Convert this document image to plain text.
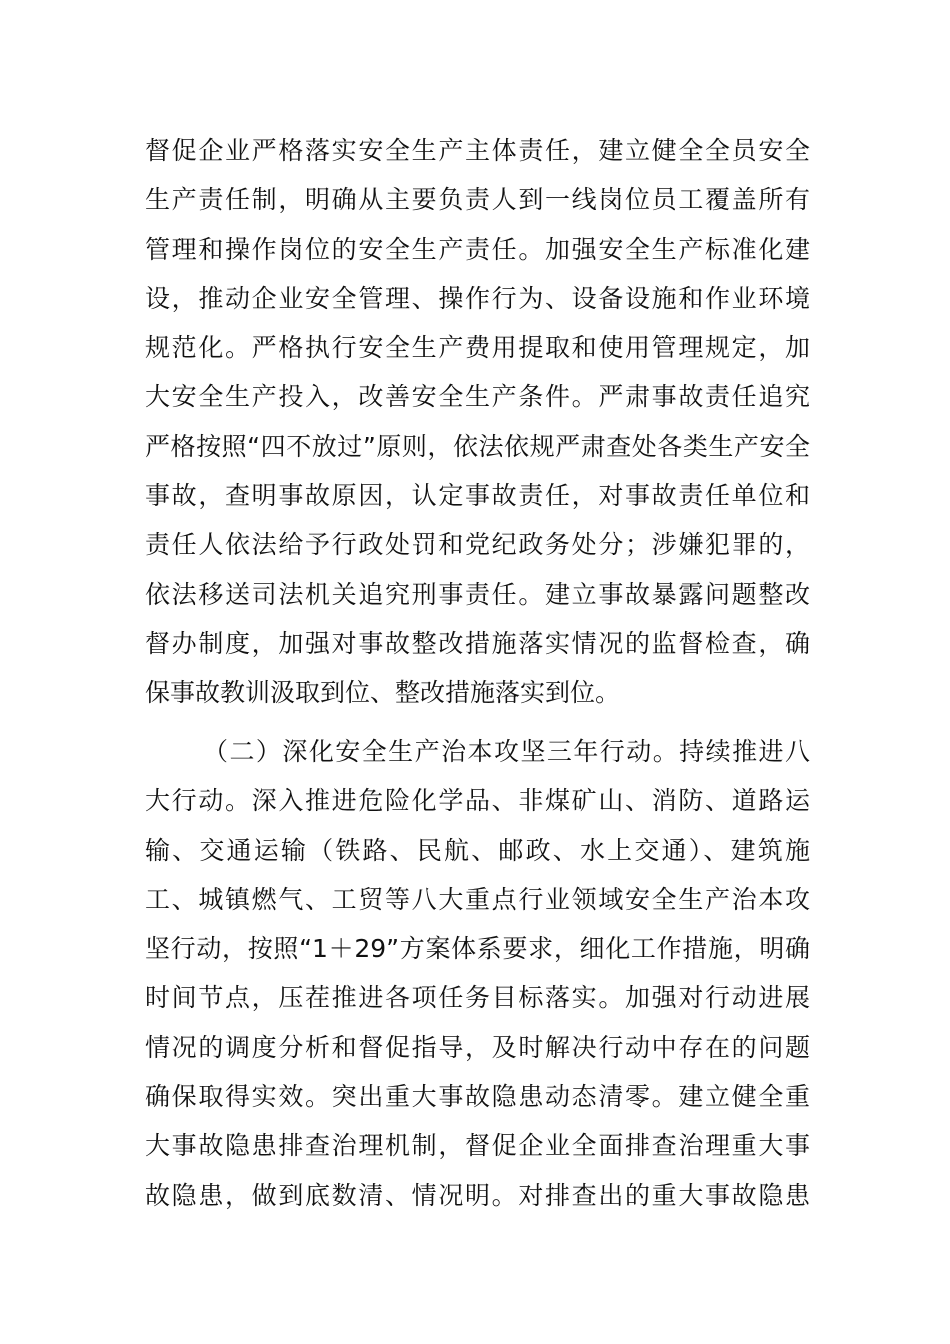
督促企业严格落实安全生产主体责任，建立健全全员安全
生产责任制，明确从主要负责人到一线岗位员工覆盖所有
管理和操作岗位的安全生产责任。加强安全生产标准化建
设，推动企业安全管理、操作行为、设备设施和作业环境
规范化。严格执行安全生产费用提取和使用管理规定，加
大安全生产投入，改善安全生产条件。严肃事故责任追究
严格按照“四不放过”原则，依法依规严肃查处各类生产安全
事故，查明事故原因，认定事故责任，对事故责任单位和
责任人依法给予行政处罚和党纪政务处分；涉嫌犯罪的，
依法移送司法机关追究刑事责任。建立事故暴露问题整改
督办制度，加强对事故整改措施落实情况的监督检查，确
保事故教训汲取到位、整改措施落实到位。
（二）深化安全生产治本攻坚三年行动。持续推进八
大行动。深入推进危险化学品、非煤矿山、消防、道路运
输、交通运输（铁路、民航、邮政、水上交通）、建筑施
工、城镇燃气、工贸等八大重点行业领域安全生产治本攻
坚行动，按照“1＋29”方案体系要求，细化工作措施，明确
时间节点，压茬推进各项任务目标落实。加强对行动进展
情况的调度分析和督促指导，及时解决行动中存在的问题
确保取得实效。突出重大事故隐患动态清零。建立健全重
大事故隐患排查治理机制，督促企业全面排查治理重大事
故隐患，做到底数清、情况明。对排查出的重大事故隐患
